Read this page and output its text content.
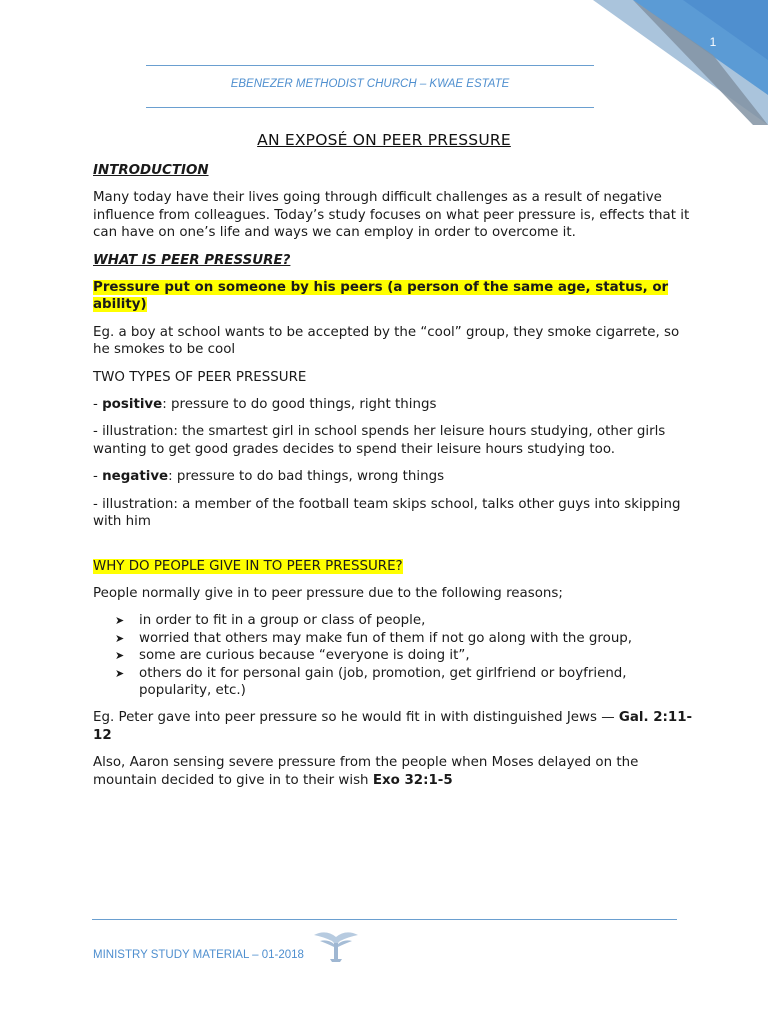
1
EBENEZER METHODIST CHURCH – KWAE ESTATE
AN EXPOSÉ ON PEER PRESSURE

INTRODUCTION

Many today have their lives going through difficult challenges as a result of negative influence from colleagues. Today’s study focuses on what peer pressure is, effects that it can have on one’s life and ways we can employ in order to overcome it.

WHAT IS PEER PRESSURE?

Pressure put on someone by his peers (a person of the same age, status, or ability)

Eg. a boy at school wants to be accepted by the “cool” group, they smoke cigarrete, so he smokes to be cool

TWO TYPES OF PEER PRESSURE

- positive: pressure to do good things, right things

- illustration: the smartest girl in school spends her leisure hours studying, other girls wanting to get good grades decides to spend their leisure hours studying too.

- negative: pressure to do bad things, wrong things

- illustration: a member of the football team skips school, talks other guys into skipping with him

WHY DO PEOPLE GIVE IN TO PEER PRESSURE?

People normally give in to peer pressure due to the following reasons;

➤ in order to fit in a group or class of people,
➤ worried that others may make fun of them if not go along with the group,
➤ some are curious because “everyone is doing it”,
➤ others do it for personal gain (job, promotion, get girlfriend or boyfriend, popularity, etc.)

Eg. Peter gave into peer pressure so he would fit in with distinguished Jews — Gal. 2:11-12

Also, Aaron sensing severe pressure from the people when Moses delayed on the mountain decided to give in to their wish Exo 32:1-5

MINISTRY STUDY MATERIAL – 01-2018
